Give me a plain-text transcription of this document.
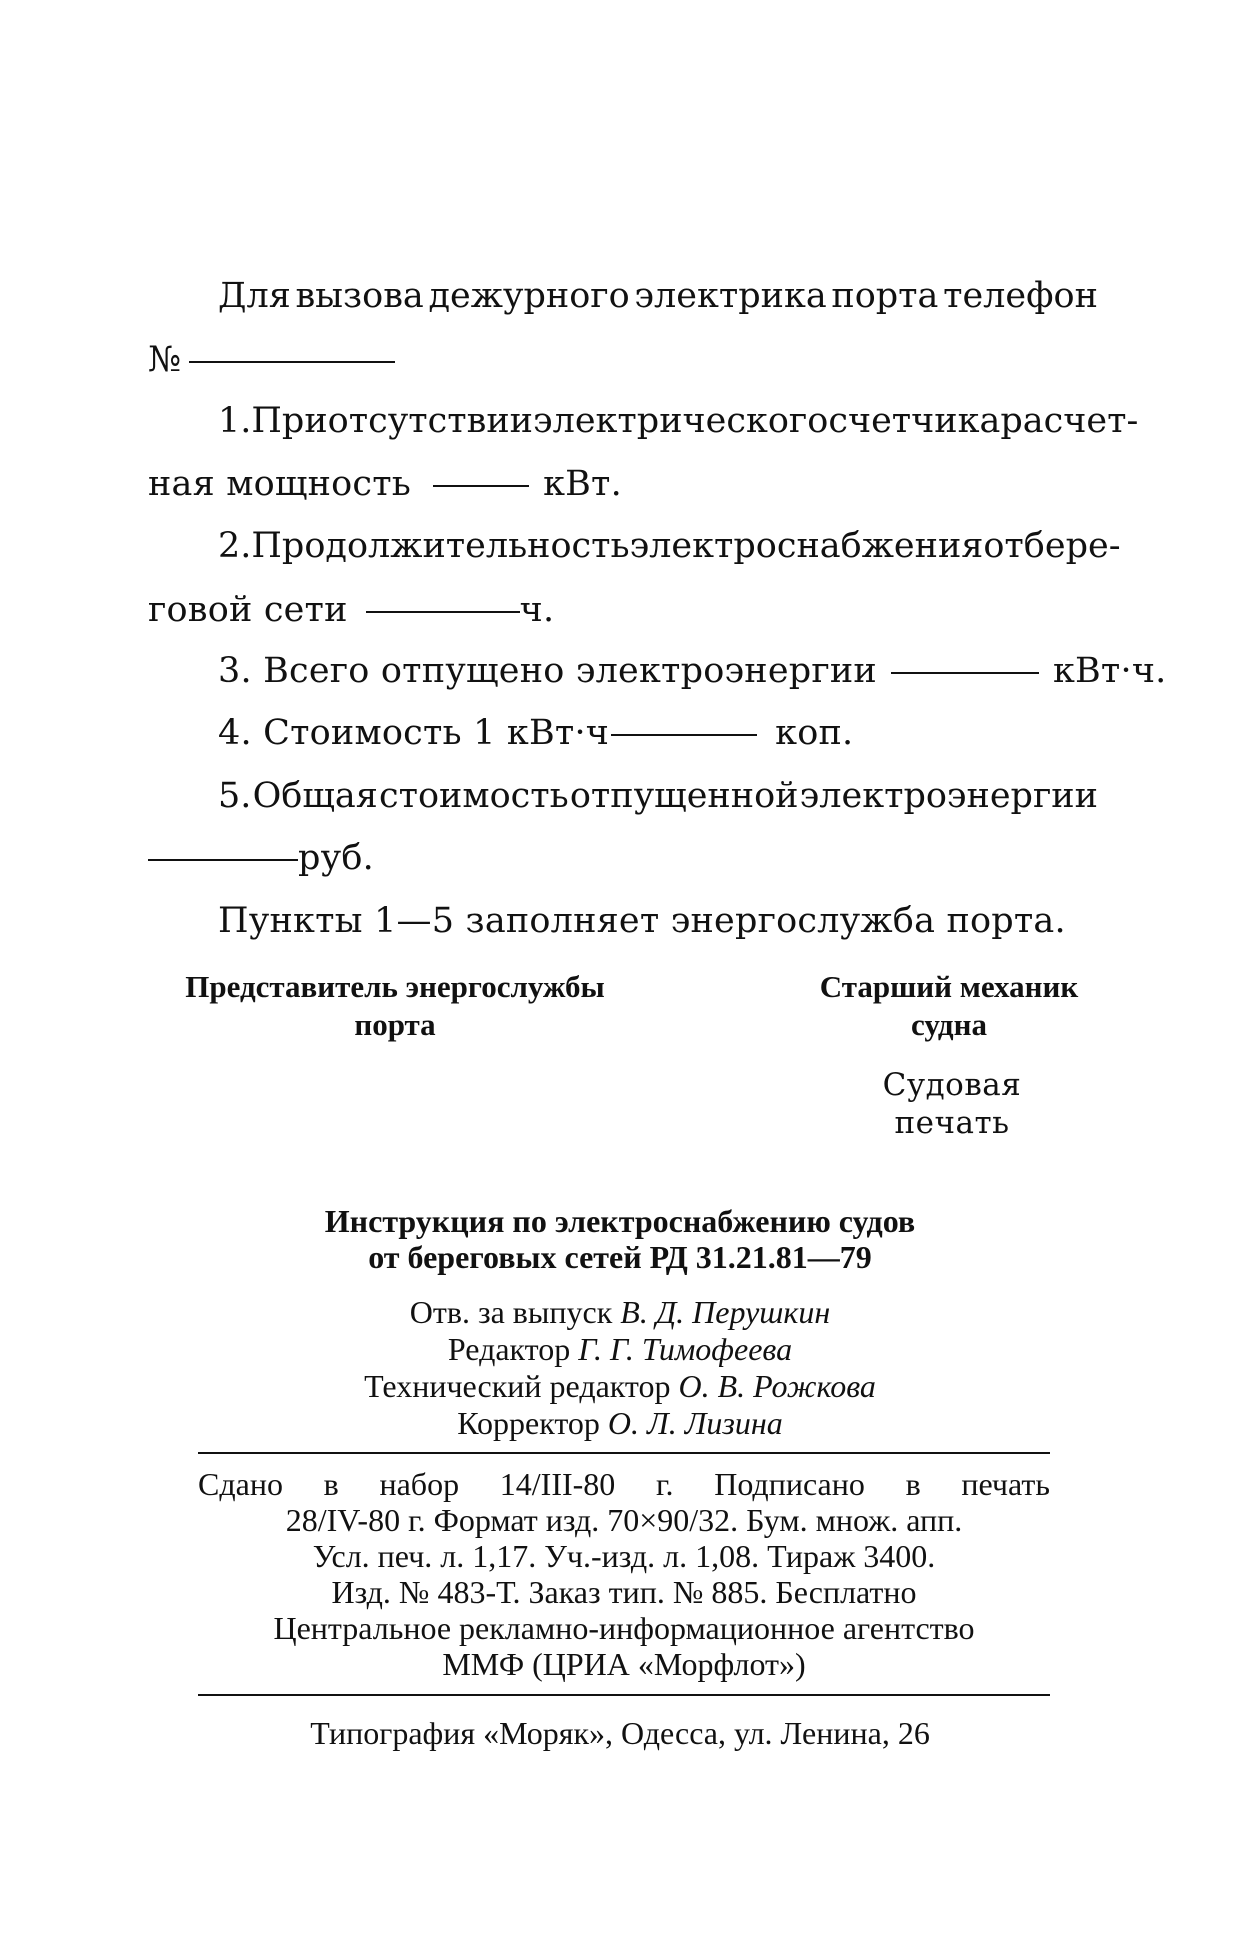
Для вызова дежурного электрика порта телефон
№
1. При отсутствии электрического счетчика расчет-
ная мощность	кВт.
2. Продолжительность электроснабжения от бере-
говой сети	ч.
3. Всего отпущено электроэнергии	кВт·ч.
4. Стоимость 1 кВт·ч	коп.
5. Общая стоимость отпущенной электроэнергии
руб.
Пункты 1—5 заполняет энергослужба порта.
Представитель энергослужбы
порта
Старший механик
судна
Судовая
печать
Инструкция по электроснабжению судов
от береговых сетей РД 31.21.81—79
Отв. за выпуск В. Д. Перушкин
Редактор Г. Г. Тимофеева
Технический редактор О. В. Рожкова
Корректор О. Л. Лизина
Сдано в набор 14/III-80 г. Подписано в печать
28/IV-80 г. Формат изд. 70×90/32. Бум. множ. апп.
Усл. печ. л. 1,17. Уч.-изд. л. 1,08. Тираж 3400.
Изд. № 483-Т. Заказ тип. № 885. Бесплатно
Центральное рекламно-информационное агентство
ММФ (ЦРИА «Морфлот»)
Типография «Моряк», Одесса, ул. Ленина, 26
